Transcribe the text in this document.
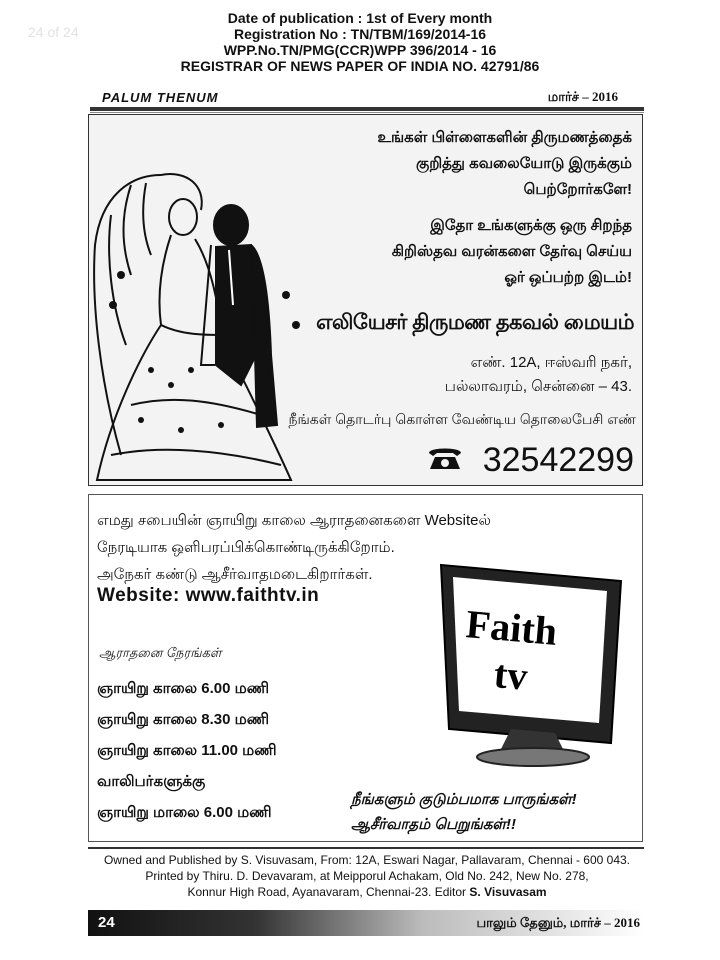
24 of 24
Date of publication : 1st of Every month
Registration No : TN/TBM/169/2014-16
WPP.No.TN/PMG(CCR)WPP 396/2014 - 16
REGISTRAR OF NEWS PAPER OF INDIA NO. 42791/86
PALUM THENUM	மார்ச் – 2016
உங்கள் பிள்ளைகளின் திருமணத்தைக்
குறித்து கவலையோடு இருக்கும்
பெற்றோர்களே!
இதோ உங்களுக்கு ஒரு சிறந்த
கிறிஸ்தவ வரன்களை தேர்வு செய்ய
ஓர் ஒப்பற்ற இடம்!
எலியேசர் திருமண தகவல் மையம்
எண். 12A, ஈஸ்வரி நகர்,
பல்லாவரம், சென்னை – 43.
நீங்கள் தொடர்பு கொள்ள வேண்டிய தொலைபேசி எண்
32542299
எமது சபையின் ஞாயிறு காலை ஆராதனைகளை Websiteல்
நேரடியாக ஒளிபரப்பிக்கொண்டிருக்கிறோம்.
அநேகர் கண்டு ஆசீர்வாதமடைகிறார்கள்.
Website: www.faithtv.in
ஆராதனை நேரங்கள்
ஞாயிறு காலை 6.00 மணி
ஞாயிறு காலை 8.30 மணி
ஞாயிறு காலை 11.00 மணி
வாலிபர்களுக்கு
ஞாயிறு மாலை 6.00 மணி
Faith
tv
நீங்களும் குடும்பமாக பாருங்கள்!
ஆசீர்வாதம் பெறுங்கள்!!
Owned and Published by S. Visuvasam, From: 12A, Eswari Nagar, Pallavaram, Chennai - 600 043.
Printed by Thiru. D. Devavaram, at Meipporul Achakam, Old No. 242, New No. 278,
Konnur High Road, Ayanavaram, Chennai-23. Editor S. Visuvasam
24	பாலும் தேனும், மார்ச் – 2016
